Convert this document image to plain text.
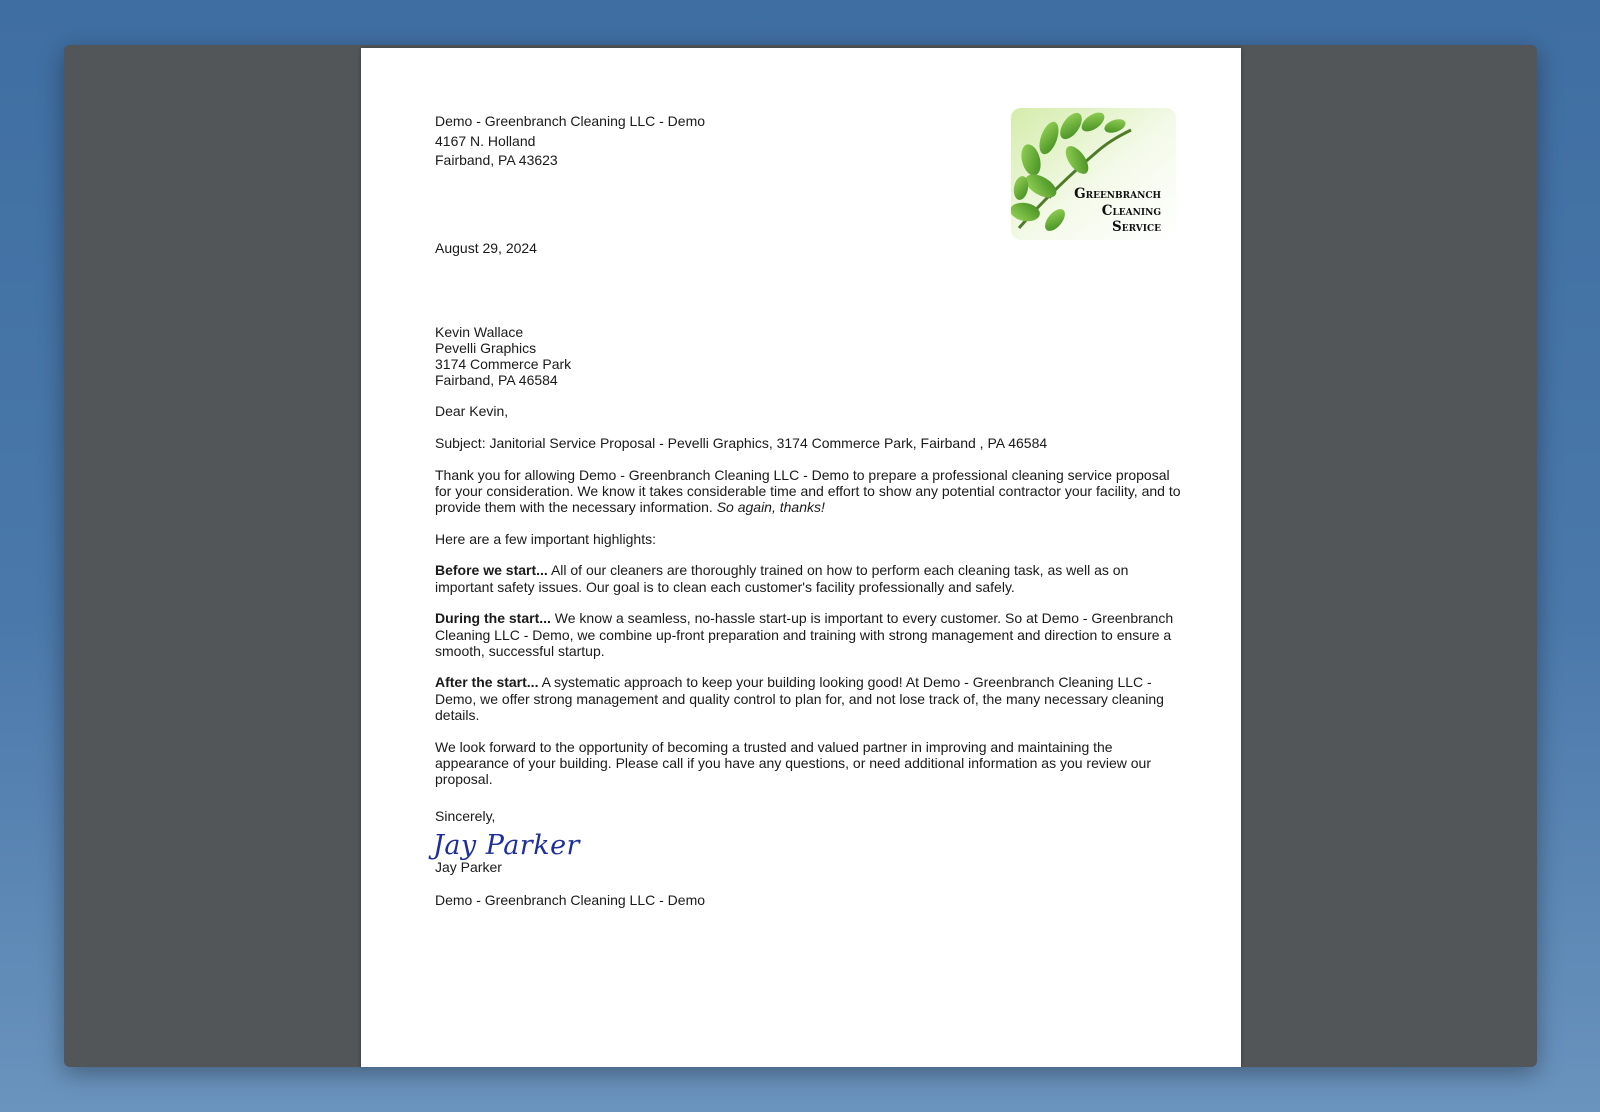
Greenbranch
Cleaning
Service
Demo - Greenbranch Cleaning LLC - Demo
4167 N. Holland
Fairband, PA 43623
August 29, 2024
Kevin Wallace
Pevelli Graphics
3174 Commerce Park
Fairband, PA 46584
Dear Kevin,
Subject: Janitorial Service Proposal - Pevelli Graphics, 3174 Commerce Park, Fairband , PA 46584
Thank you for allowing Demo - Greenbranch Cleaning LLC - Demo to prepare a professional cleaning service proposal for your consideration. We know it takes considerable time and effort to show any potential contractor your facility, and to provide them with the necessary information. So again, thanks!
Here are a few important highlights:
Before we start... All of our cleaners are thoroughly trained on how to perform each cleaning task, as well as on important safety issues. Our goal is to clean each customer's facility professionally and safely.
During the start... We know a seamless, no-hassle start-up is important to every customer. So at Demo - Greenbranch Cleaning LLC - Demo, we combine up-front preparation and training with strong management and direction to ensure a smooth, successful startup.
After the start... A systematic approach to keep your building looking good! At Demo - Greenbranch Cleaning LLC - Demo, we offer strong management and quality control to plan for, and not lose track of, the many necessary cleaning details.
We look forward to the opportunity of becoming a trusted and valued partner in improving and maintaining the appearance of your building. Please call if you have any questions, or need additional information as you review our proposal.
Sincerely,
Jay Parker
Jay Parker
Demo - Greenbranch Cleaning LLC - Demo
